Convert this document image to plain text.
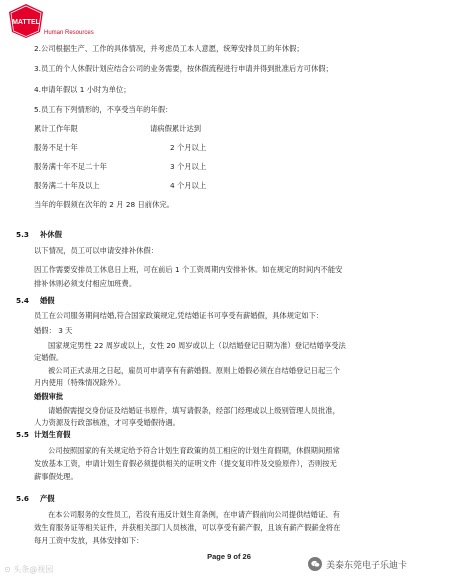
MATTEL
Human Resources
2.公司根据生产、工作的具体情况，并考虑员工本人意愿，统筹安排员工的年休假；
3.员工的个人休假计划应结合公司的业务需要，按休假流程进行申请并得到批准后方可休假；
4.申请年假以 1 小时为单位；
5.员工有下列情形的，不享受当年的年假：
累计工作年限	请病假累计达到
服务不足十年	2 个月以上
服务满十年不足二十年	3 个月以上
服务满二十年及以上	4 个月以上
当年的年假须在次年的 2 月 28 日前休完。
5.3 补休假
以下情况，员工可以申请安排补休假：
因工作需要安排员工休息日上班，可在前后 1 个工资周期内安排补休。如在规定的时间内不能安
排补休则必须支付相应加班费。
5.4 婚假
员工在公司服务期间结婚,符合国家政策规定,凭结婚证书可享受有薪婚假，具体规定如下：
婚假： 3 天
国家规定男性 22 周岁或以上，女性 20 周岁或以上（以结婚登记日期为准）登记结婚享受法
定婚假。
被公司正式录用之日起，雇员可申请享有有薪婚假。原则上婚假必须在自结婚登记日起三个
月内使用（特殊情况除外）。
婚假审批
请婚假需提交身份证及结婚证书原件，填写请假条，经部门经理或以上级别管理人员批准，
人力资源及行政部核准，才可享受婚假待遇。
5.5 计划生育假
公司按照国家的有关规定给予符合计划生育政策的员工相应的计划生育假期，休假期间照常
发放基本工资，申请计划生育假必须提供相关的证明文件（提交复印件及交验原件），否则按无
薪事假处理。
5.6
Page 9 of 26
⊙ 头条@视园	美泰东莞电子乐迪卡
产假
在本公司服务的女性员工，若没有违反计划生育条例，在申请产假前向公司提供结婚证、有
效生育服务证等相关证件，并获相关部门人员核准，可以享受有薪产假，且该有薪产假薪金将在
每月工资中发放，具体安排如下：
